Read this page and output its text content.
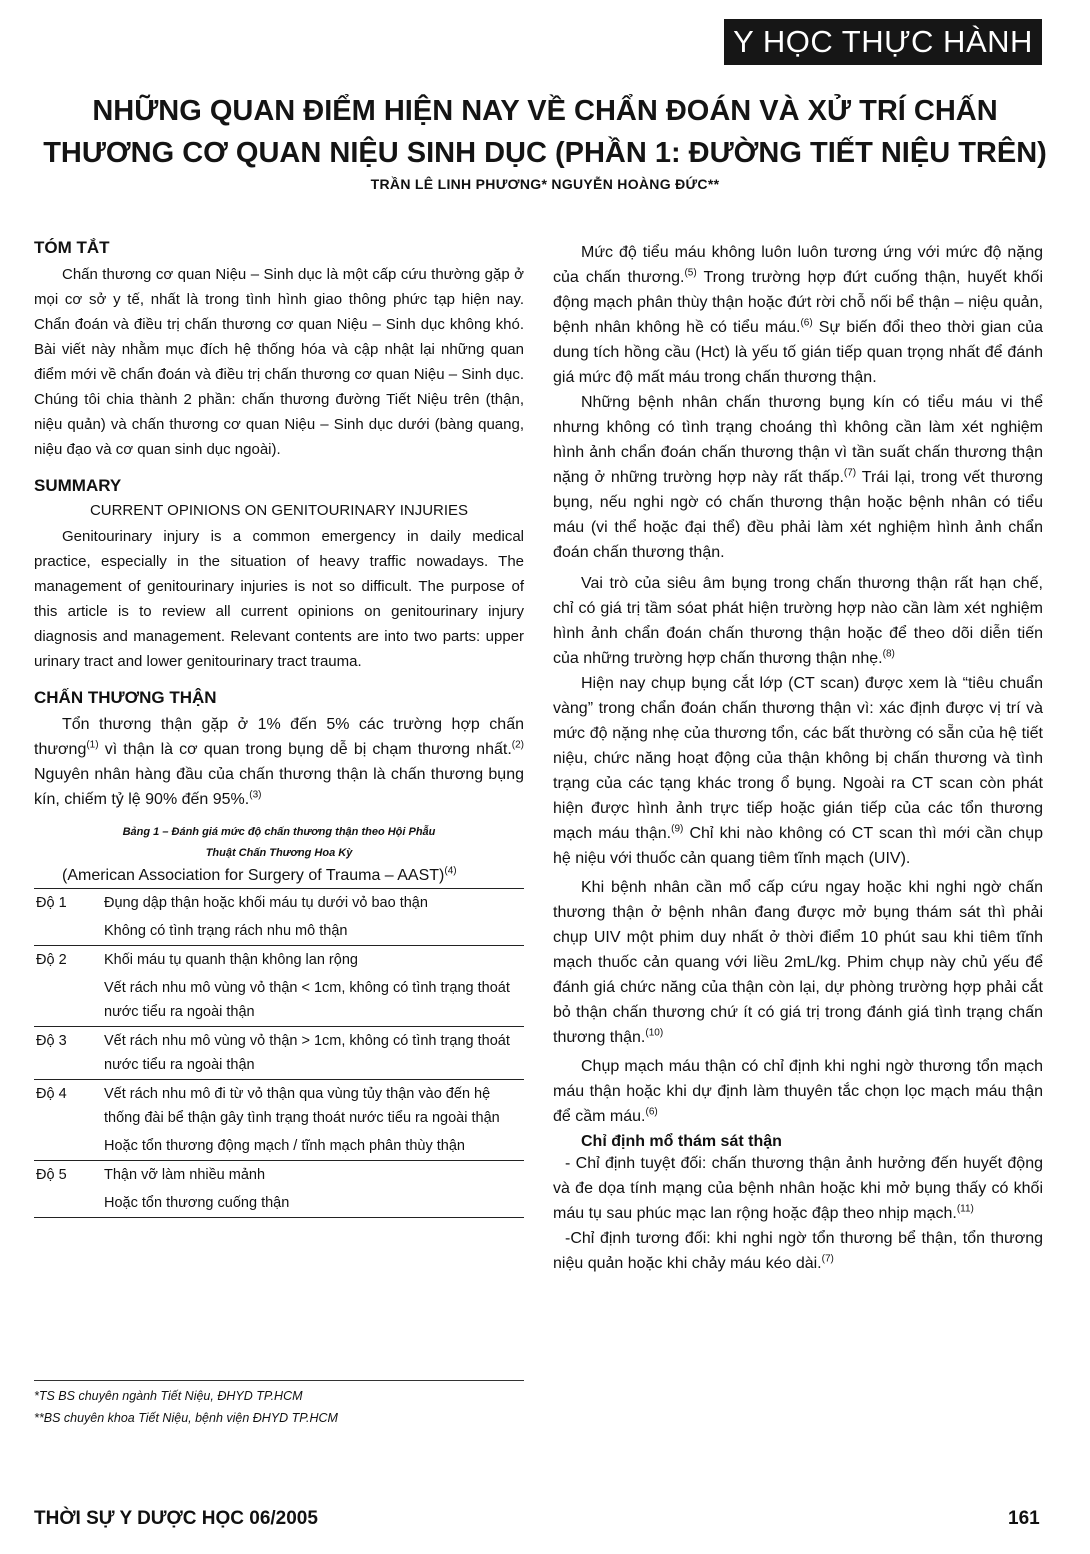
Y HỌC THỰC HÀNH
NHỮNG QUAN ĐIỂM HIỆN NAY VỀ CHẨN ĐOÁN VÀ XỬ TRÍ CHẤN
THƯƠNG CƠ QUAN NIỆU SINH DỤC (PHẦN 1: ĐƯỜNG TIẾT NIỆU TRÊN)
TRẦN LÊ LINH PHƯƠNG* NGUYỄN HOÀNG ĐỨC**
TÓM TẮT

Chấn thương cơ quan Niệu – Sinh dục là một cấp cứu thường gặp ở mọi cơ sở y tế, nhất là trong tình hình giao thông phức tạp hiện nay. Chẩn đoán và điều trị chấn thương cơ quan Niệu – Sinh dục không khó. Bài viết này nhằm mục đích hệ thống hóa và cập nhật lại những quan điểm mới về chẩn đoán và điều trị chấn thương cơ quan Niệu – Sinh dục. Chúng tôi chia thành 2 phần: chấn thương đường Tiết Niệu trên (thận, niệu quản) và chấn thương cơ quan Niệu – Sinh dục dưới (bàng quang, niệu đạo và cơ quan sinh dục ngoài).

SUMMARY
CURRENT OPINIONS ON GENITOURINARY INJURIES

Genitourinary injury is a common emergency in daily medical practice, especially in the situation of heavy traffic nowadays. The management of genitourinary injuries is not so difficult. The purpose of this article is to review all current opinions on genitourinary injury diagnosis and management. Relevant contents are into two parts: upper urinary tract and lower genitourinary tract trauma.

CHẤN THƯƠNG THẬN

Tổn thương thận gặp ở 1% đến 5% các trường hợp chấn thương$^{(1)}$ vì thận là cơ quan trong bụng dễ bị chạm thương nhất.$^{(2)}$ Nguyên nhân hàng đầu của chấn thương thận là chấn thương bụng kín, chiếm tỷ lệ 90% đến 95%.$^{(3)}$

Bảng 1 – Đánh giá mức độ chấn thương thận theo Hội Phẫu
Thuật Chấn Thương Hoa Kỳ
(American Association for Surgery of Trauma – AAST)$^{(4)}$
Độ 1	Đụng dập thận hoặc khối máu tụ dưới vỏ bao thận
	Không có tình trạng rách nhu mô thận
Độ 2	Khối máu tụ quanh thận không lan rộng
	Vết rách nhu mô vùng vỏ thận < 1cm, không có tình trạng thoát nước tiểu ra ngoài thận
Độ 3	Vết rách nhu mô vùng vỏ thận > 1cm, không có tình trạng thoát nước tiểu ra ngoài thận
Độ 4	Vết rách nhu mô đi từ vỏ thận qua vùng tủy thận vào đến hệ thống đài bể thận gây tình trạng thoát nước tiểu ra ngoài thận
	Hoặc tổn thương động mạch / tĩnh mạch phân thùy thận
Độ 5	Thận vỡ làm nhiều mảnh
	Hoặc tổn thương cuống thận
*TS BS chuyên ngành Tiết Niệu, ĐHYD TP.HCM
**BS chuyên khoa Tiết Niệu, bệnh viện ĐHYD TP.HCM

Mức độ tiểu máu không luôn luôn tương ứng với mức độ nặng của chấn thương.$^{(5)}$ Trong trường hợp đứt cuống thận, huyết khối động mạch phân thùy thận hoặc đứt rời chỗ nối bể thận – niệu quản, bệnh nhân không hề có tiểu máu.$^{(6)}$ Sự biến đổi theo thời gian của dung tích hồng cầu (Hct) là yếu tố gián tiếp quan trọng nhất để đánh giá mức độ mất máu trong chấn thương thận.

Những bệnh nhân chấn thương bụng kín có tiểu máu vi thể nhưng không có tình trạng choáng thì không cần làm xét nghiệm hình ảnh chẩn đoán chấn thương thận vì tần suất chấn thương thận nặng ở những trường hợp này rất thấp.$^{(7)}$ Trái lại, trong vết thương bụng, nếu nghi ngờ có chấn thương thận hoặc bệnh nhân có tiểu máu (vi thể hoặc đại thể) đều phải làm xét nghiệm hình ảnh chẩn đoán chấn thương thận.

Vai trò của siêu âm bụng trong chấn thương thận rất hạn chế, chỉ có giá trị tầm sóat phát hiện trường hợp nào cần làm xét nghiệm hình ảnh chẩn đoán chấn thương thận hoặc để theo dõi diễn tiến của những trường hợp chấn thương thận nhẹ.$^{(8)}$

Hiện nay chụp bụng cắt lớp (CT scan) được xem là “tiêu chuẩn vàng” trong chẩn đoán chấn thương thận vì: xác định được vị trí và mức độ nặng nhẹ của thương tổn, các bất thường có sẵn của hệ tiết niệu, chức năng hoạt động của thận không bị chấn thương và tình trạng của các tạng khác trong ổ bụng. Ngoài ra CT scan còn phát hiện được hình ảnh trực tiếp hoặc gián tiếp của các tổn thương mạch máu thận.$^{(9)}$ Chỉ khi nào không có CT scan thì mới cần chụp hệ niệu với thuốc cản quang tiêm tĩnh mạch (UIV).

Khi bệnh nhân cần mổ cấp cứu ngay hoặc khi nghi ngờ chấn thương thận ở bệnh nhân đang được mở bụng thám sát thì phải chụp UIV một phim duy nhất ở thời điểm 10 phút sau khi tiêm tĩnh mạch thuốc cản quang với liều 2mL/kg. Phim chụp này chủ yếu để đánh giá chức năng của thận còn lại, dự phòng trường hợp phải cắt bỏ thận chấn thương chứ ít có giá trị trong đánh giá tình trạng chấn thương thận.$^{(10)}$

Chụp mạch máu thận có chỉ định khi nghi ngờ thương tổn mạch máu thận hoặc khi dự định làm thuyên tắc chọn lọc mạch máu thận để cầm máu.$^{(6)}$

Chỉ định mổ thám sát thận

- Chỉ định tuyệt đối: chấn thương thận ảnh hưởng đến huyết động và đe dọa tính mạng của bệnh nhân hoặc khi mở bụng thấy có khối máu tụ sau phúc mạc lan rộng hoặc đập theo nhịp mạch.$^{(11)}$

-Chỉ định tương đối: khi nghi ngờ tổn thương bể thận, tổn thương niệu quản hoặc khi chảy máu kéo dài.$^{(7)}$

THỜI SỰ Y DƯỢC HỌC 06/2005	161
